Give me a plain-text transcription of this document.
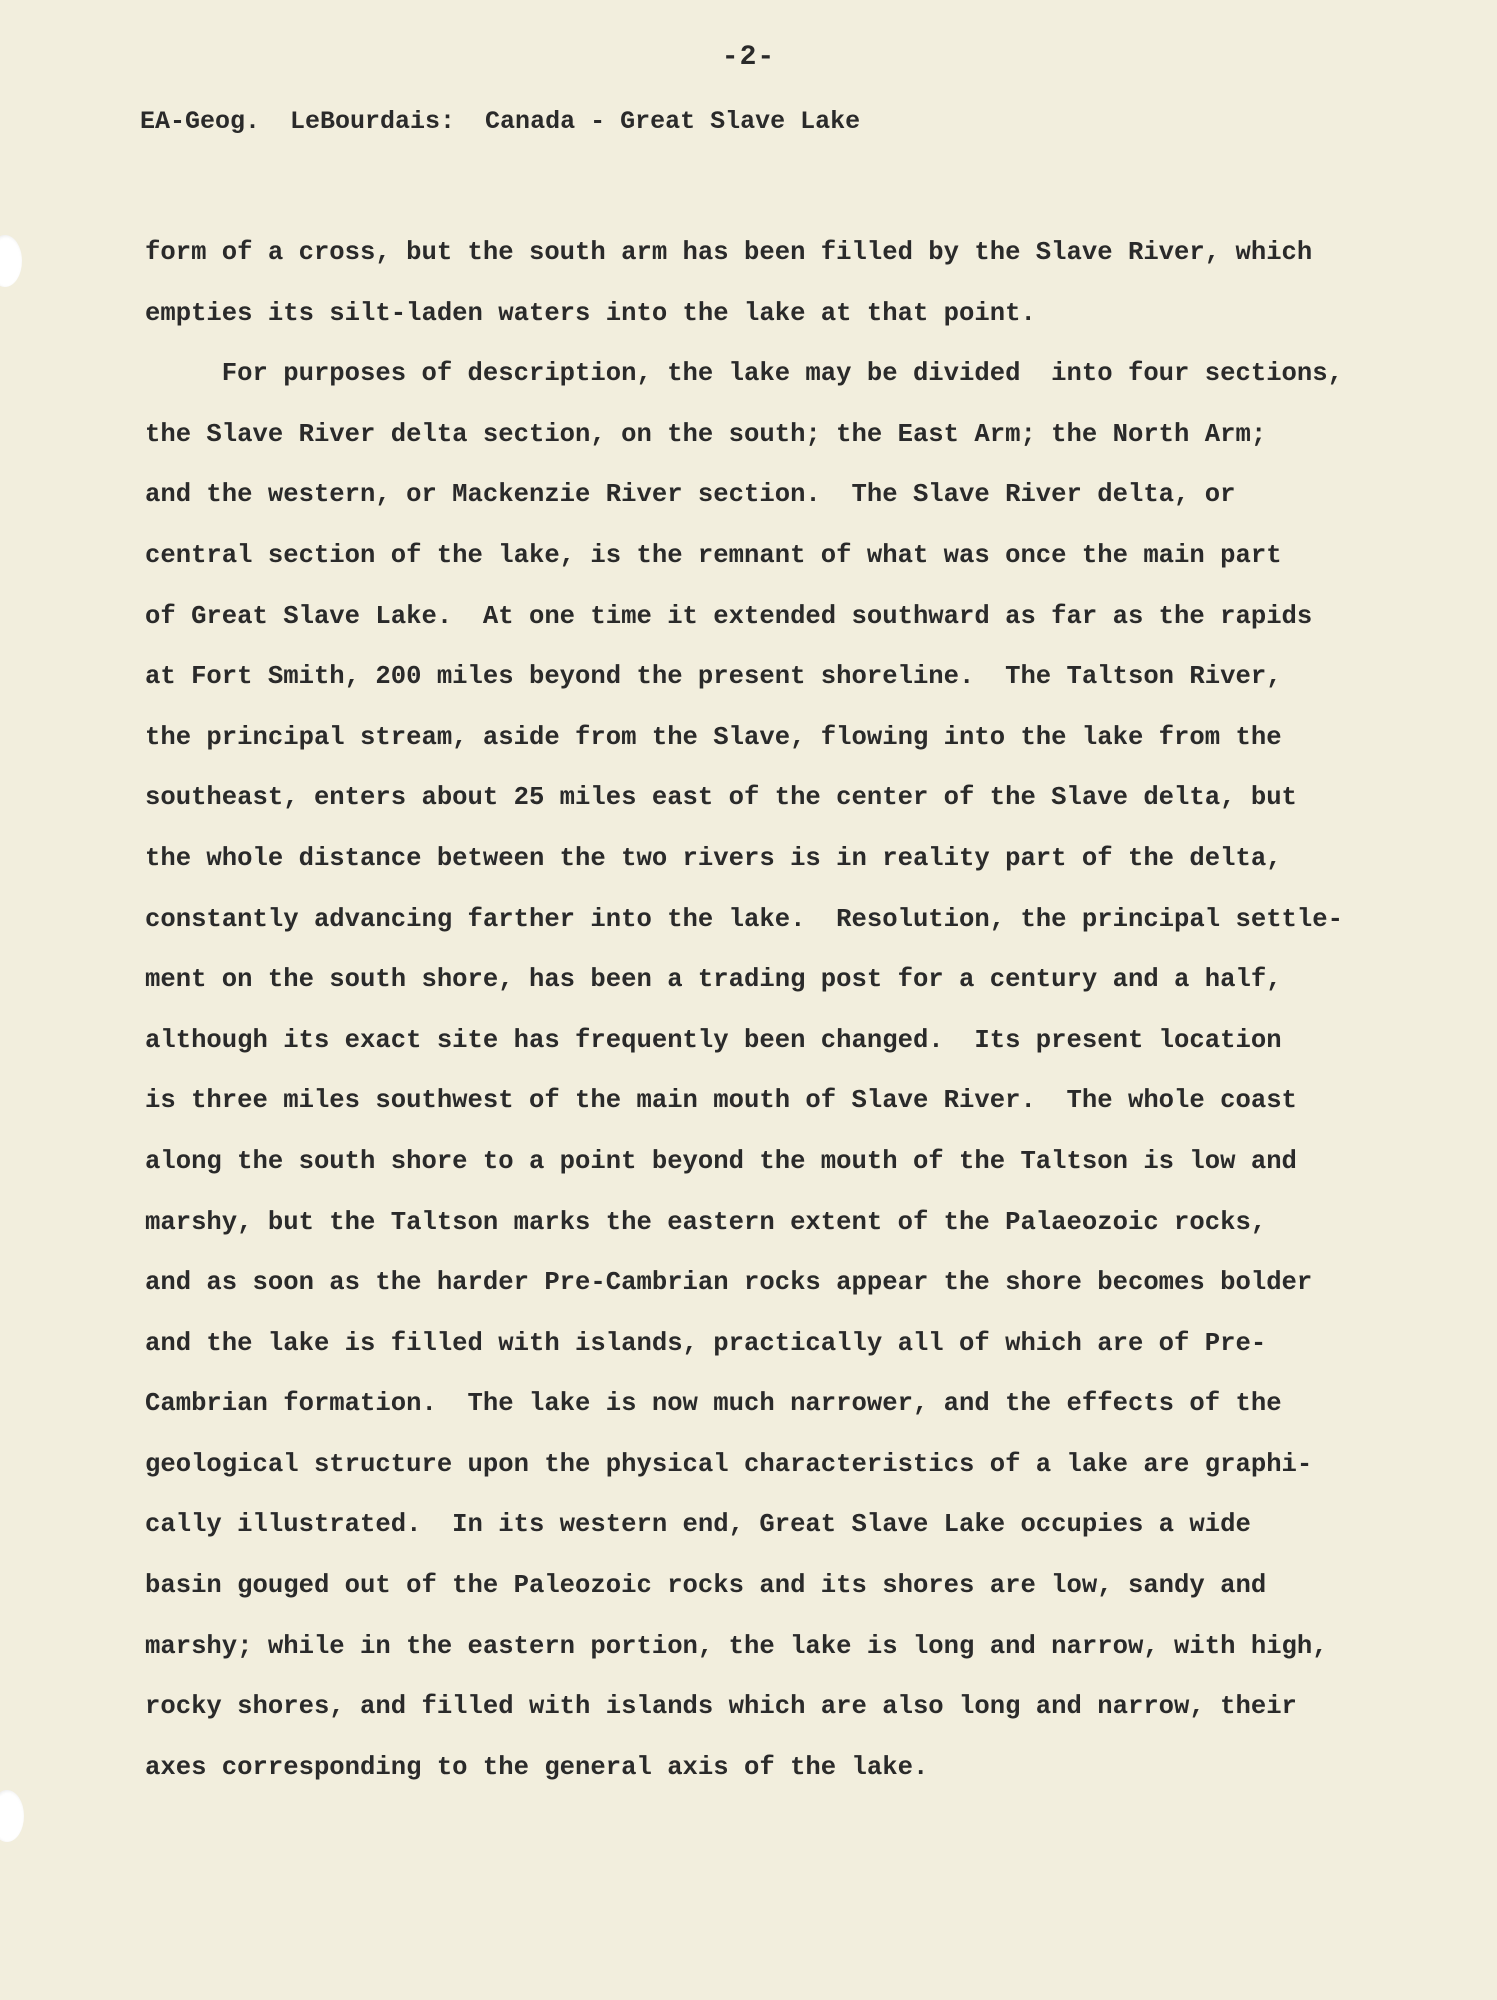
-2-
EA-Geog.  LeBourdais:  Canada - Great Slave Lake
form of a cross, but the south arm has been filled by the Slave River, which
empties its silt-laden waters into the lake at that point.
For purposes of description, the lake may be divided  into four sections,
the Slave River delta section, on the south; the East Arm; the North Arm;
and the western, or Mackenzie River section.  The Slave River delta, or
central section of the lake, is the remnant of what was once the main part
of Great Slave Lake.  At one time it extended southward as far as the rapids
at Fort Smith, 200 miles beyond the present shoreline.  The Taltson River,
the principal stream, aside from the Slave, flowing into the lake from the
southeast, enters about 25 miles east of the center of the Slave delta, but
the whole distance between the two rivers is in reality part of the delta,
constantly advancing farther into the lake.  Resolution, the principal settle-
ment on the south shore, has been a trading post for a century and a half,
although its exact site has frequently been changed.  Its present location
is three miles southwest of the main mouth of Slave River.  The whole coast
along the south shore to a point beyond the mouth of the Taltson is low and
marshy, but the Taltson marks the eastern extent of the Palaeozoic rocks,
and as soon as the harder Pre-Cambrian rocks appear the shore becomes bolder
and the lake is filled with islands, practically all of which are of Pre-
Cambrian formation.  The lake is now much narrower, and the effects of the
geological structure upon the physical characteristics of a lake are graphi-
cally illustrated.  In its western end, Great Slave Lake occupies a wide
basin gouged out of the Paleozoic rocks and its shores are low, sandy and
marshy; while in the eastern portion, the lake is long and narrow, with high,
rocky shores, and filled with islands which are also long and narrow, their
axes corresponding to the general axis of the lake.
